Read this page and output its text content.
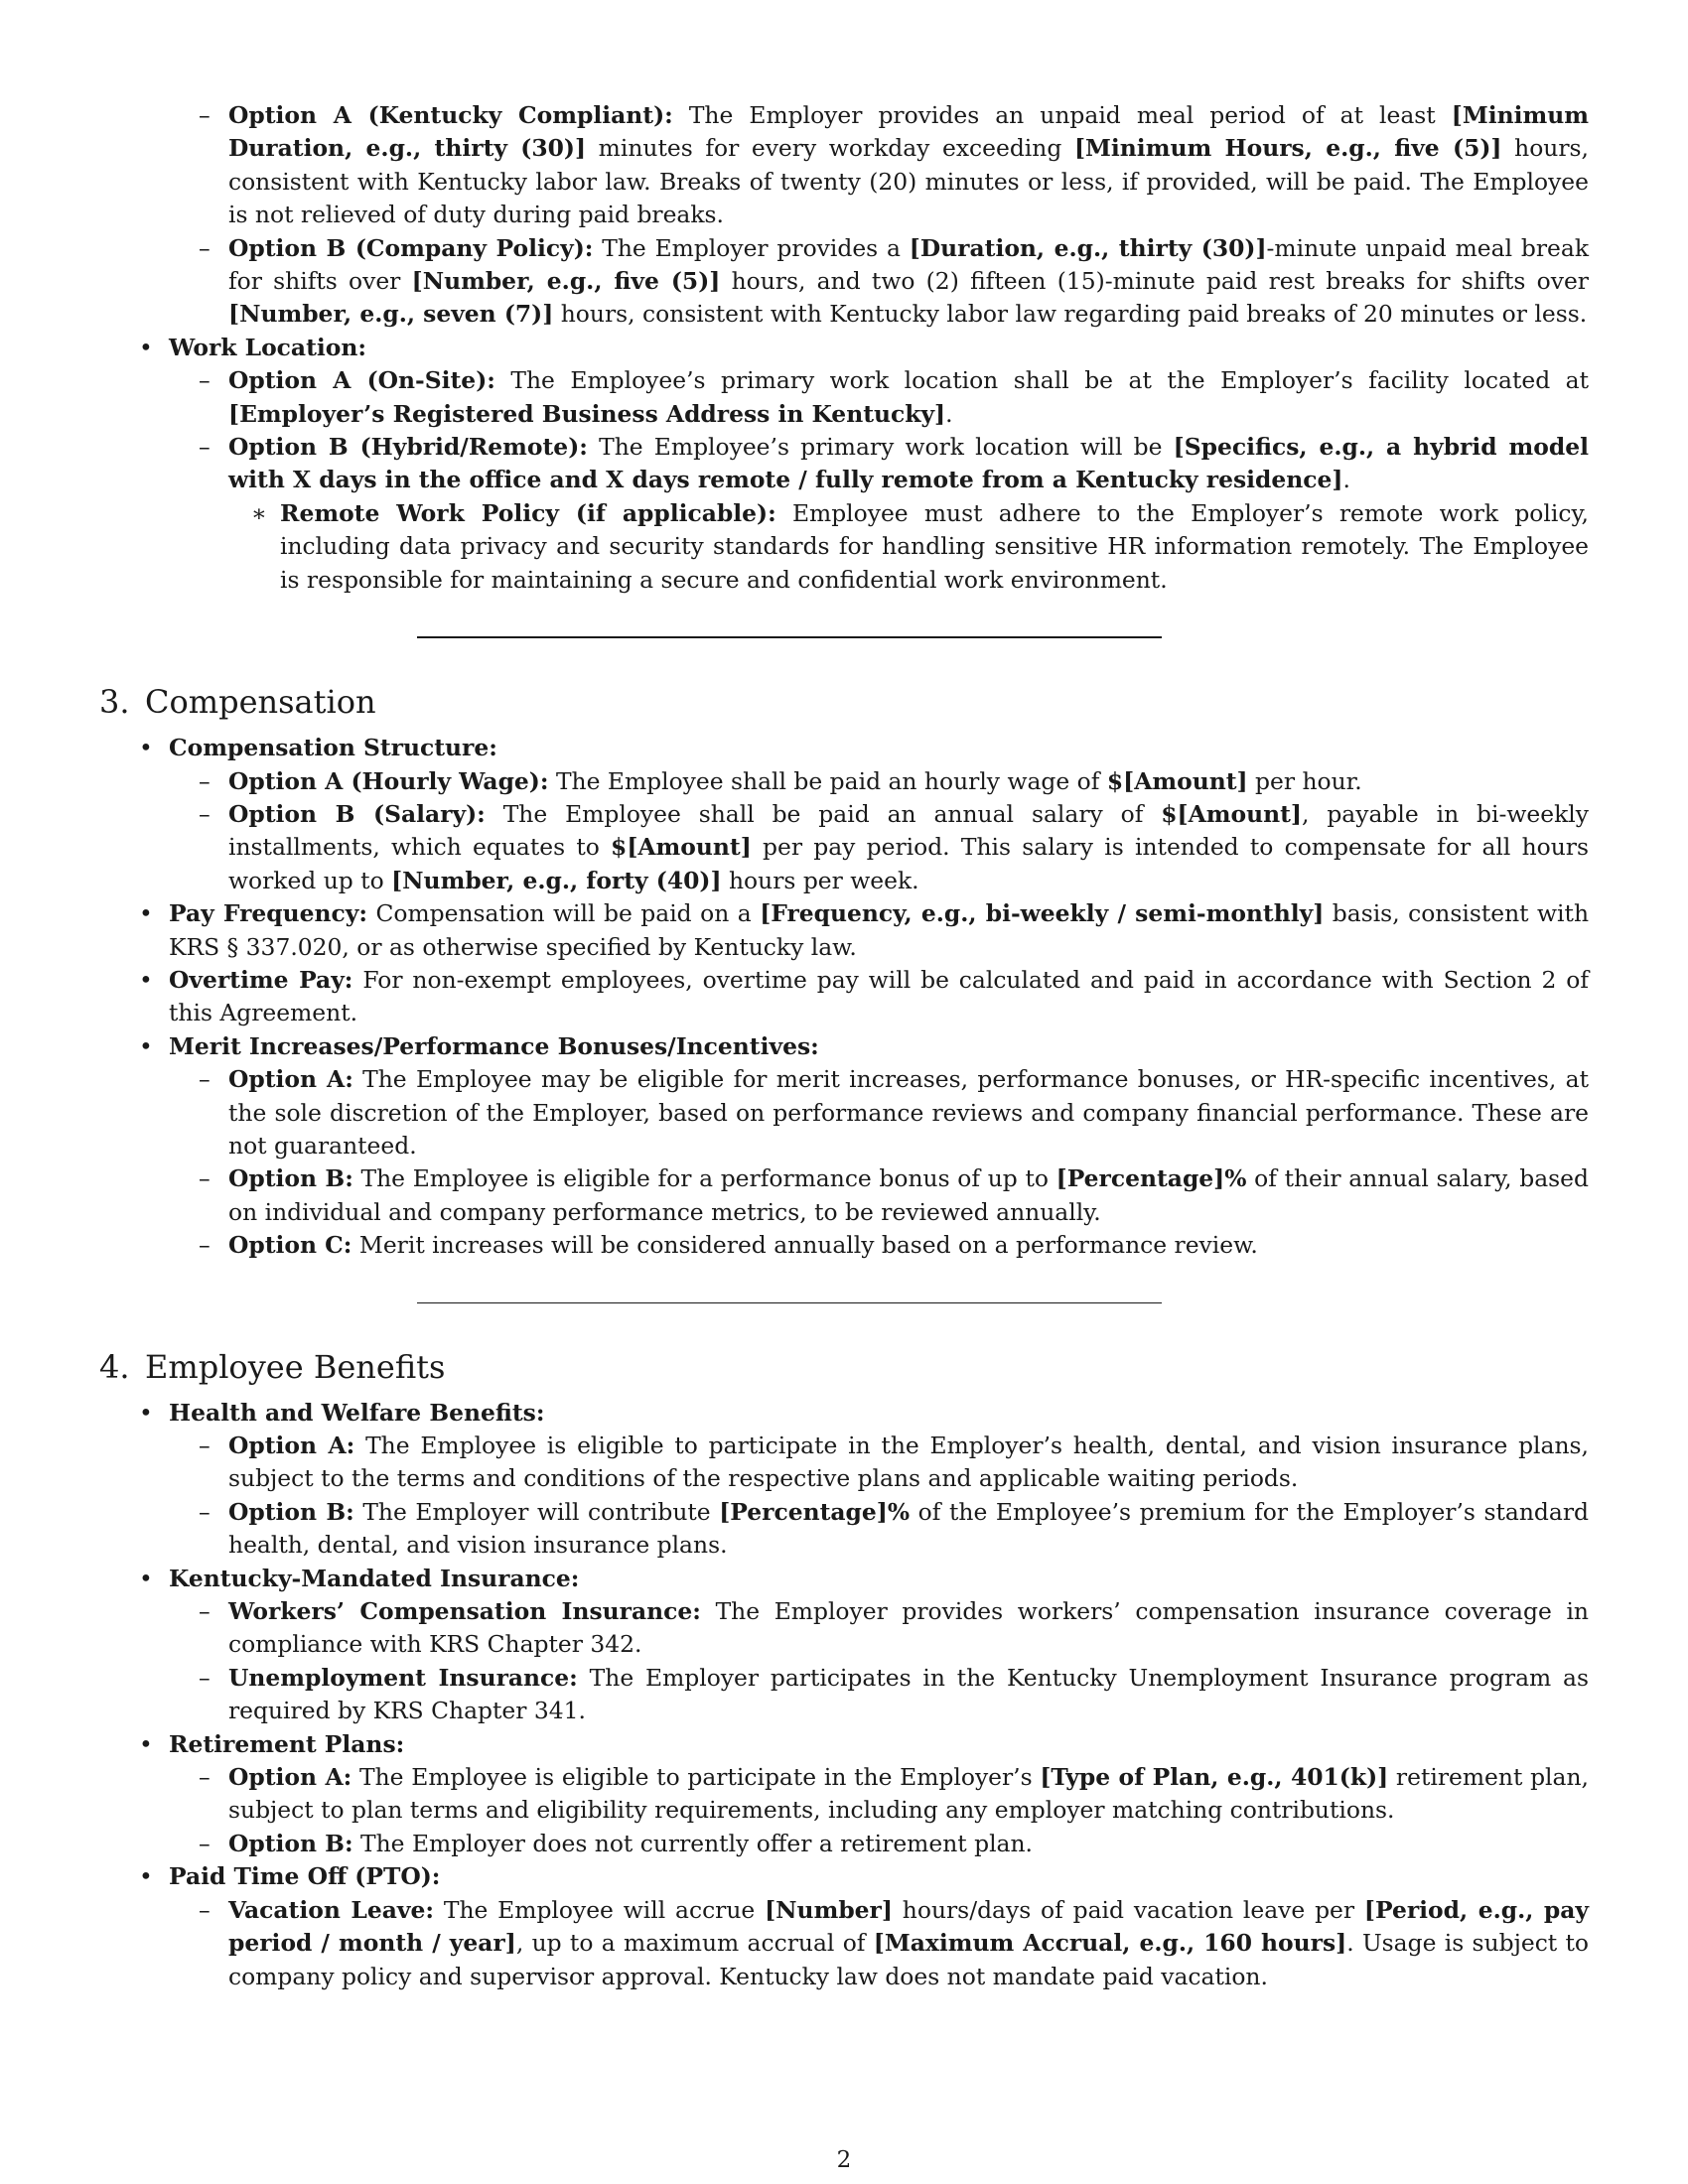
– Option A (Kentucky Compliant): The Employer provides an unpaid meal period of at least [Minimum Duration, e.g., thirty (30)] minutes for every workday exceeding [Minimum Hours, e.g., five (5)] hours, consistent with Kentucky labor law. Breaks of twenty (20) minutes or less, if provided, will be paid. The Employee is not relieved of duty during paid breaks.
– Option B (Company Policy): The Employer provides a [Duration, e.g., thirty (30)]-minute unpaid meal break for shifts over [Number, e.g., five (5)] hours, and two (2) fifteen (15)-minute paid rest breaks for shifts over [Number, e.g., seven (7)] hours, consistent with Kentucky labor law regarding paid breaks of 20 minutes or less.
• Work Location:
– Option A (On-Site): The Employee’s primary work location shall be at the Employer’s facility located at [Employer’s Registered Business Address in Kentucky].
– Option B (Hybrid/Remote): The Employee’s primary work location will be [Specifics, e.g., a hybrid model with X days in the office and X days remote / fully remote from a Kentucky residence].
∗ Remote Work Policy (if applicable): Employee must adhere to the Employer’s remote work policy, including data privacy and security standards for handling sensitive HR information remotely. The Employee is responsible for maintaining a secure and confidential work environment.
3. Compensation
• Compensation Structure:
– Option A (Hourly Wage): The Employee shall be paid an hourly wage of $[Amount] per hour.
– Option B (Salary): The Employee shall be paid an annual salary of $[Amount], payable in bi-weekly installments, which equates to $[Amount] per pay period. This salary is intended to compensate for all hours worked up to [Number, e.g., forty (40)] hours per week.
• Pay Frequency: Compensation will be paid on a [Frequency, e.g., bi-weekly / semi-monthly] basis, consistent with KRS § 337.020, or as otherwise specified by Kentucky law.
• Overtime Pay: For non-exempt employees, overtime pay will be calculated and paid in accordance with Section 2 of this Agreement.
• Merit Increases/Performance Bonuses/Incentives:
– Option A: The Employee may be eligible for merit increases, performance bonuses, or HR-specific incentives, at the sole discretion of the Employer, based on performance reviews and company financial performance. These are not guaranteed.
– Option B: The Employee is eligible for a performance bonus of up to [Percentage]% of their annual salary, based on individual and company performance metrics, to be reviewed annually.
– Option C: Merit increases will be considered annually based on a performance review.
4. Employee Benefits
• Health and Welfare Benefits:
– Option A: The Employee is eligible to participate in the Employer’s health, dental, and vision insurance plans, subject to the terms and conditions of the respective plans and applicable waiting periods.
– Option B: The Employer will contribute [Percentage]% of the Employee’s premium for the Employer’s standard health, dental, and vision insurance plans.
• Kentucky-Mandated Insurance:
– Workers’ Compensation Insurance: The Employer provides workers’ compensation insurance coverage in compliance with KRS Chapter 342.
– Unemployment Insurance: The Employer participates in the Kentucky Unemployment Insurance program as required by KRS Chapter 341.
• Retirement Plans:
– Option A: The Employee is eligible to participate in the Employer’s [Type of Plan, e.g., 401(k)] retirement plan, subject to plan terms and eligibility requirements, including any employer matching contributions.
– Option B: The Employer does not currently offer a retirement plan.
• Paid Time Off (PTO):
– Vacation Leave: The Employee will accrue [Number] hours/days of paid vacation leave per [Period, e.g., pay period / month / year], up to a maximum accrual of [Maximum Accrual, e.g., 160 hours]. Usage is subject to company policy and supervisor approval. Kentucky law does not mandate paid vacation.
2
